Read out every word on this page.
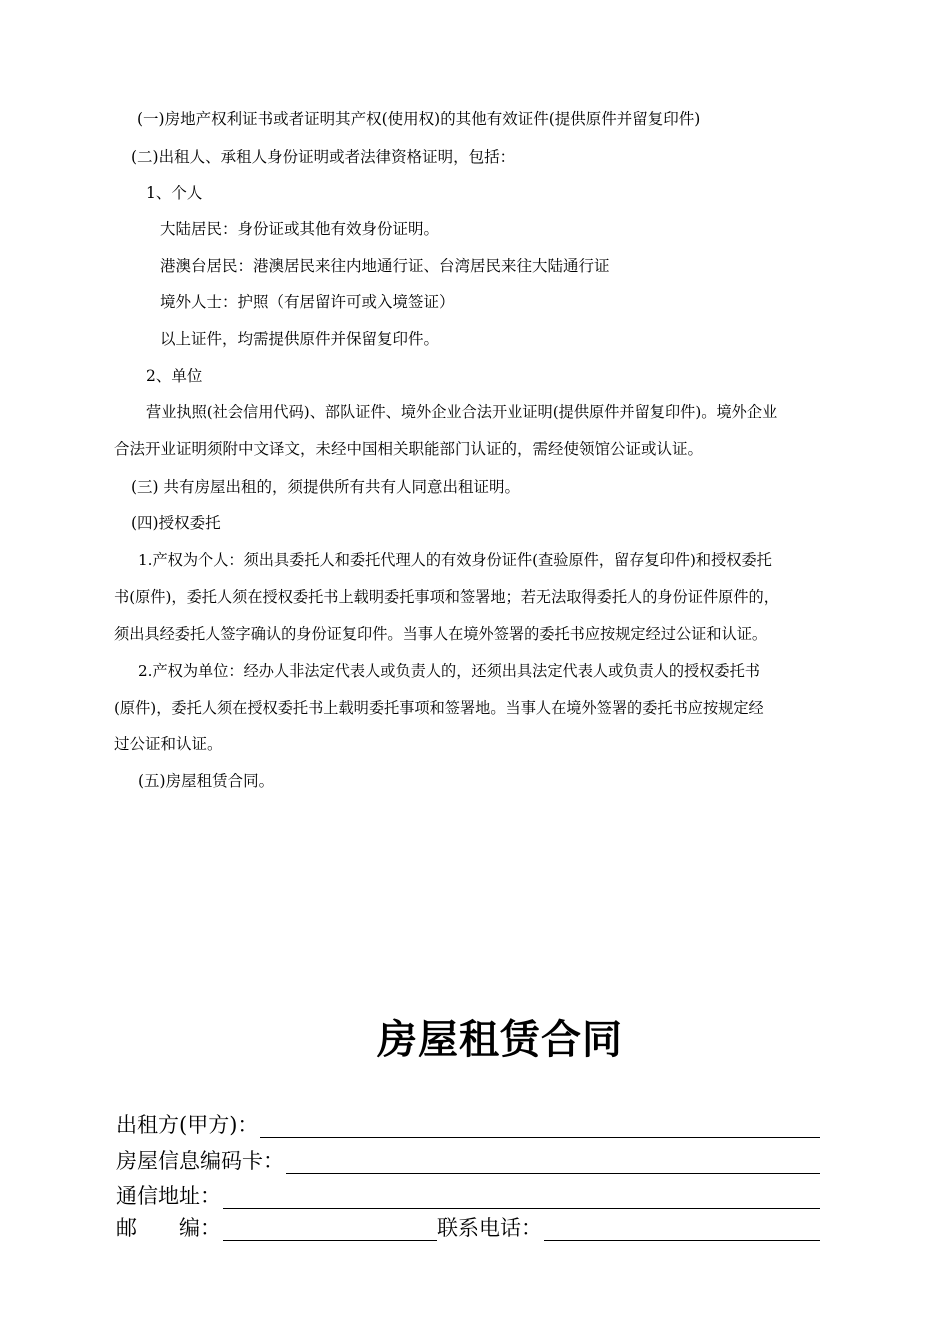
(一)房地产权利证书或者证明其产权(使用权)的其他有效证件(提供原件并留复印件)
(二)出租人、承租人身份证明或者法律资格证明，包括：
1、个人
大陆居民：身份证或其他有效身份证明。
港澳台居民：港澳居民来往内地通行证、台湾居民来往大陆通行证
境外人士：护照（有居留许可或入境签证）
以上证件，均需提供原件并保留复印件。
2、单位
营业执照(社会信用代码)、部队证件、境外企业合法开业证明(提供原件并留复印件)。境外企业
合法开业证明须附中文译文，未经中国相关职能部门认证的，需经使领馆公证或认证。
(三) 共有房屋出租的，须提供所有共有人同意出租证明。
(四)授权委托
1.产权为个人：须出具委托人和委托代理人的有效身份证件(查验原件，留存复印件)和授权委托
书(原件)，委托人须在授权委托书上载明委托事项和签署地；若无法取得委托人的身份证件原件的，
须出具经委托人签字确认的身份证复印件。当事人在境外签署的委托书应按规定经过公证和认证。
2.产权为单位：经办人非法定代表人或负责人的，还须出具法定代表人或负责人的授权委托书
(原件)，委托人须在授权委托书上载明委托事项和签署地。当事人在境外签署的委托书应按规定经
过公证和认证。
(五)房屋租赁合同。
房屋租赁合同
出租方(甲方)：
房屋信息编码卡：
通信地址：
邮 编：	联系电话：
